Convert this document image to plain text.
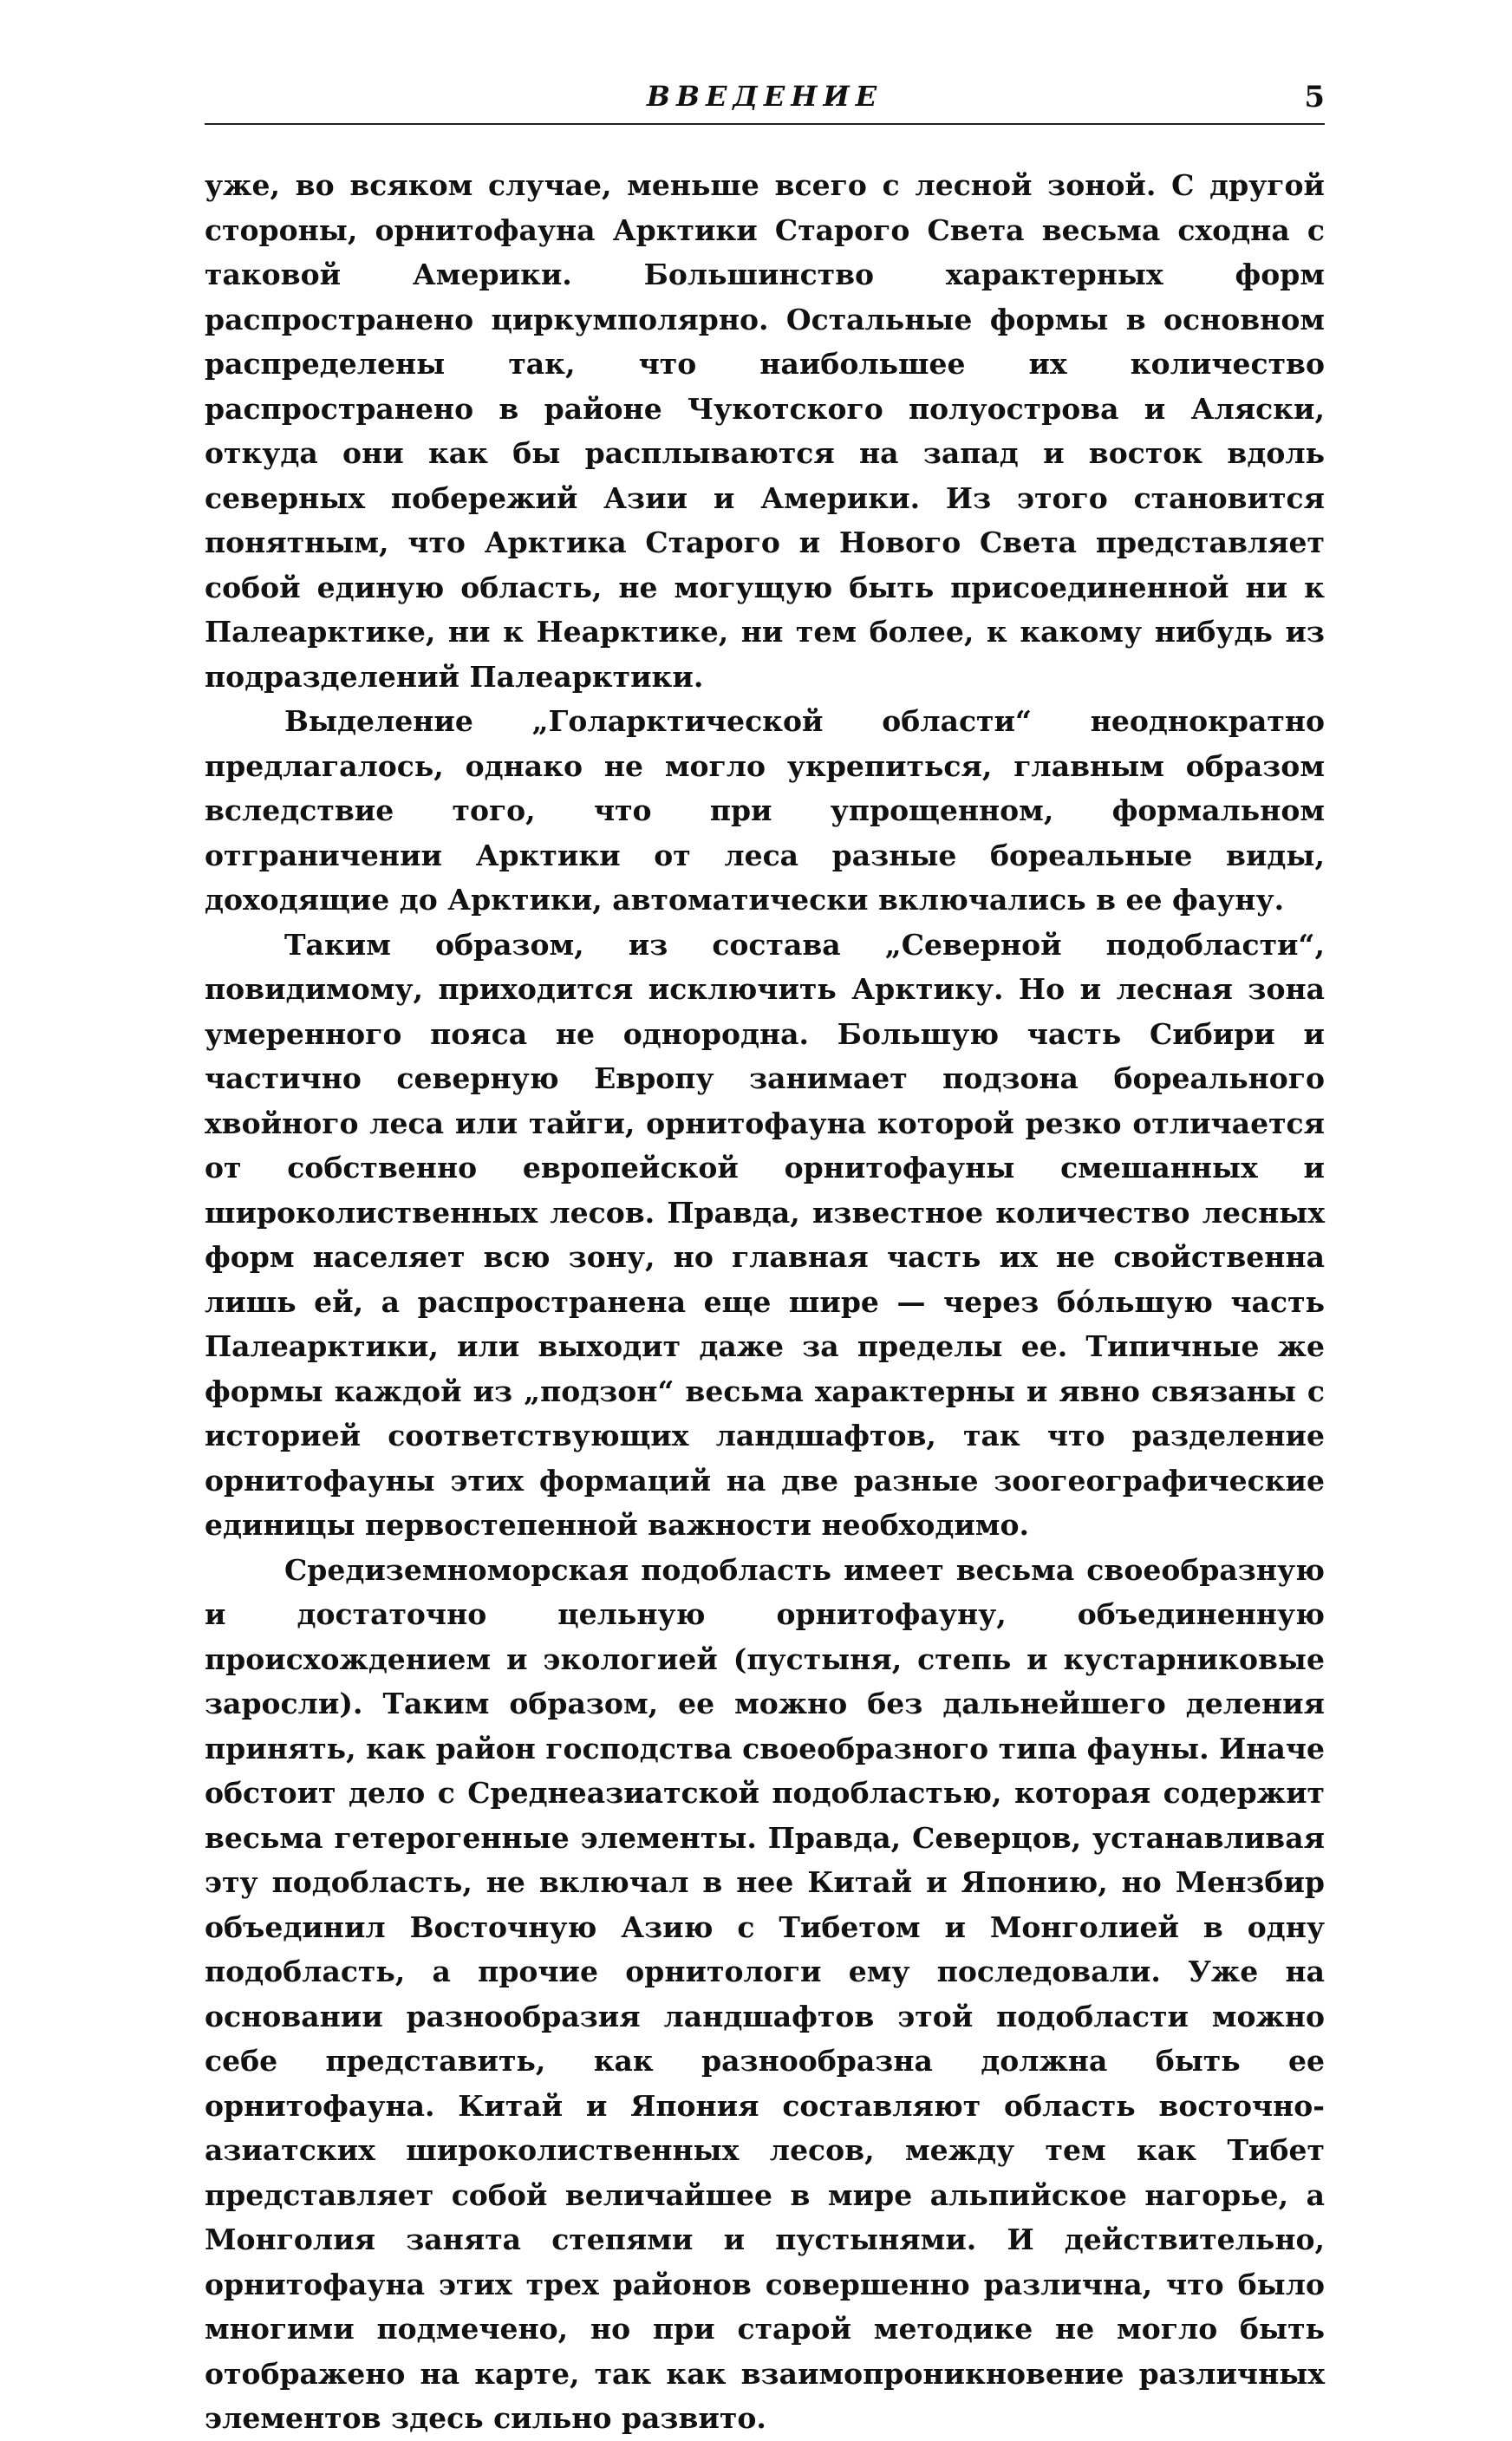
ВВЕДЕНИЕ	5

уже, во всяком случае, меньше всего с лесной зоной. С другой стороны, орнитофауна Арктики Старого Света весьма сходна с таковой Америки. Большинство характерных форм распространено циркумполярно. Остальные формы в основном распределены так, что наибольшее их количество распространено в районе Чукотского полуострова и Аляски, откуда они как бы расплываются на запад и восток вдоль северных побережий Азии и Америки. Из этого становится понятным, что Арктика Старого и Нового Света представляет собой единую область, не могущую быть присоединенной ни к Палеарктике, ни к Неарктике, ни тем более, к какому нибудь из подразделений Палеарктики.

Выделение „Голарктической области“ неоднократно предлагалось, однако не могло укрепиться, главным образом вследствие того, что при упрощенном, формальном отграничении Арктики от леса разные бореальные виды, доходящие до Арктики, автоматически включались в ее фауну.

Таким образом, из состава „Северной подобласти“, повидимому, приходится исключить Арктику. Но и лесная зона умеренного пояса не однородна. Большую часть Сибири и частично северную Европу занимает подзона бореального хвойного леса или тайги, орнитофауна которой резко отличается от собственно европейской орнитофауны смешанных и широколиственных лесов. Правда, известное количество лесных форм населяет всю зону, но главная часть их не свойственна лишь ей, а распространена еще шире — через бóльшую часть Палеарктики, или выходит даже за пределы ее. Типичные же формы каждой из „подзон“ весьма характерны и явно связаны с историей соответствующих ландшафтов, так что разделение орнитофауны этих формаций на две разные зоогеографические единицы первостепенной важности необходимо.

Средиземноморская подобласть имеет весьма своеобразную и достаточно цельную орнитофауну, объединенную происхождением и экологией (пустыня, степь и кустарниковые заросли). Таким образом, ее можно без дальнейшего деления принять, как район господства своеобразного типа фауны. Иначе обстоит дело с Среднеазиатской подобластью, которая содержит весьма гетерогенные элементы. Правда, Северцов, устанавливая эту подобласть, не включал в нее Китай и Японию, но Мензбир объединил Восточную Азию с Тибетом и Монголией в одну подобласть, а прочие орнитологи ему последовали. Уже на основании разнообразия ландшафтов этой подобласти можно себе представить, как разнообразна должна быть ее орнитофауна. Китай и Япония составляют область восточно-азиатских широколиственных лесов, между тем как Тибет представляет собой величайшее в мире альпийское нагорье, а Монголия занята степями и пустынями. И действительно, орнитофауна этих трех районов совершенно различна, что было многими подмечено, но при старой методике не могло быть отображено на карте, так как взаимопроникновение различных элементов здесь сильно развито.
